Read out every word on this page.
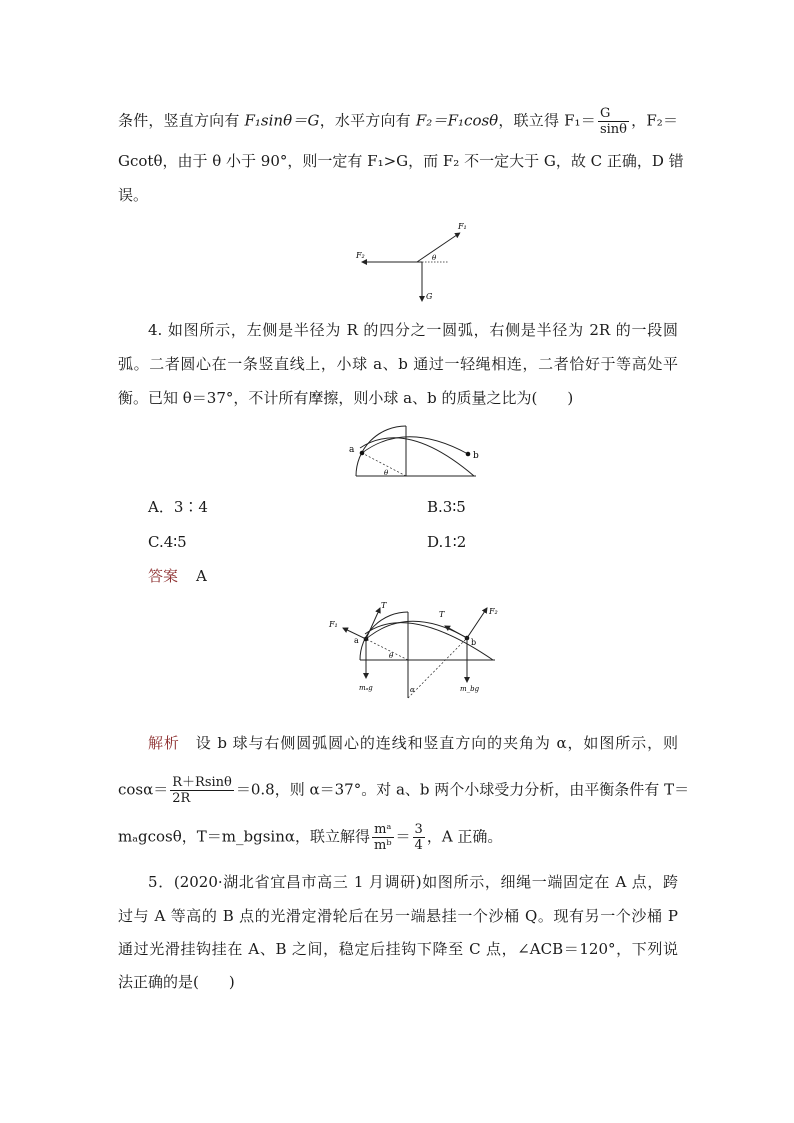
条件，竖直方向有 F₁sinθ＝G，水平方向有 F₂＝F₁cosθ，联立得 $F_1= \frac{G}{\sin\theta}$ ，F₂＝
Gcotθ，由于 θ 小于 90°，则一定有 F₁>G，而 F₂ 不一定大于 G，故 C 正确，D 错
误。
F₁
F₂
G
θ
4. 如图所示，左侧是半径为 R 的四分之一圆弧，右侧是半径为 2R 的一段圆
弧。二者圆心在一条竖直线上，小球 a、b 通过一轻绳相连，二者恰好于等高处平
衡。已知 θ＝37°，不计所有摩擦，则小球 a、b 的质量之比为(　　)
a
b
θ
A．3∶4	B.3∶5
C.4∶5	D.1∶2
答案 A
F₁
T
T	F₂
a	b
θ
α
mₐg	m_bg
解析　设 b 球与右侧圆弧圆心的连线和竖直方向的夹角为 α，如图所示，则
$\cos\alpha= \frac{R+Rsin\theta}{2R} =0.8$，则 α＝37°。对 a、b 两个小球受力分析，由平衡条件有 T＝
mₐgcosθ，T＝m_bgsinα，联立解得 $\frac{\text{mᵃ}}{\text{mᵇ}} = \frac{3}{4}$ ，A 正确。
5．(2020·湖北省宜昌市高三 1 月调研)如图所示，细绳一端固定在 A 点，跨
过与 A 等高的 B 点的光滑定滑轮后在另一端悬挂一个沙桶 Q。现有另一个沙桶 P
通过光滑挂钩挂在 A、B 之间，稳定后挂钩下降至 C 点，∠ACB＝120°，下列说
法正确的是(　　)
